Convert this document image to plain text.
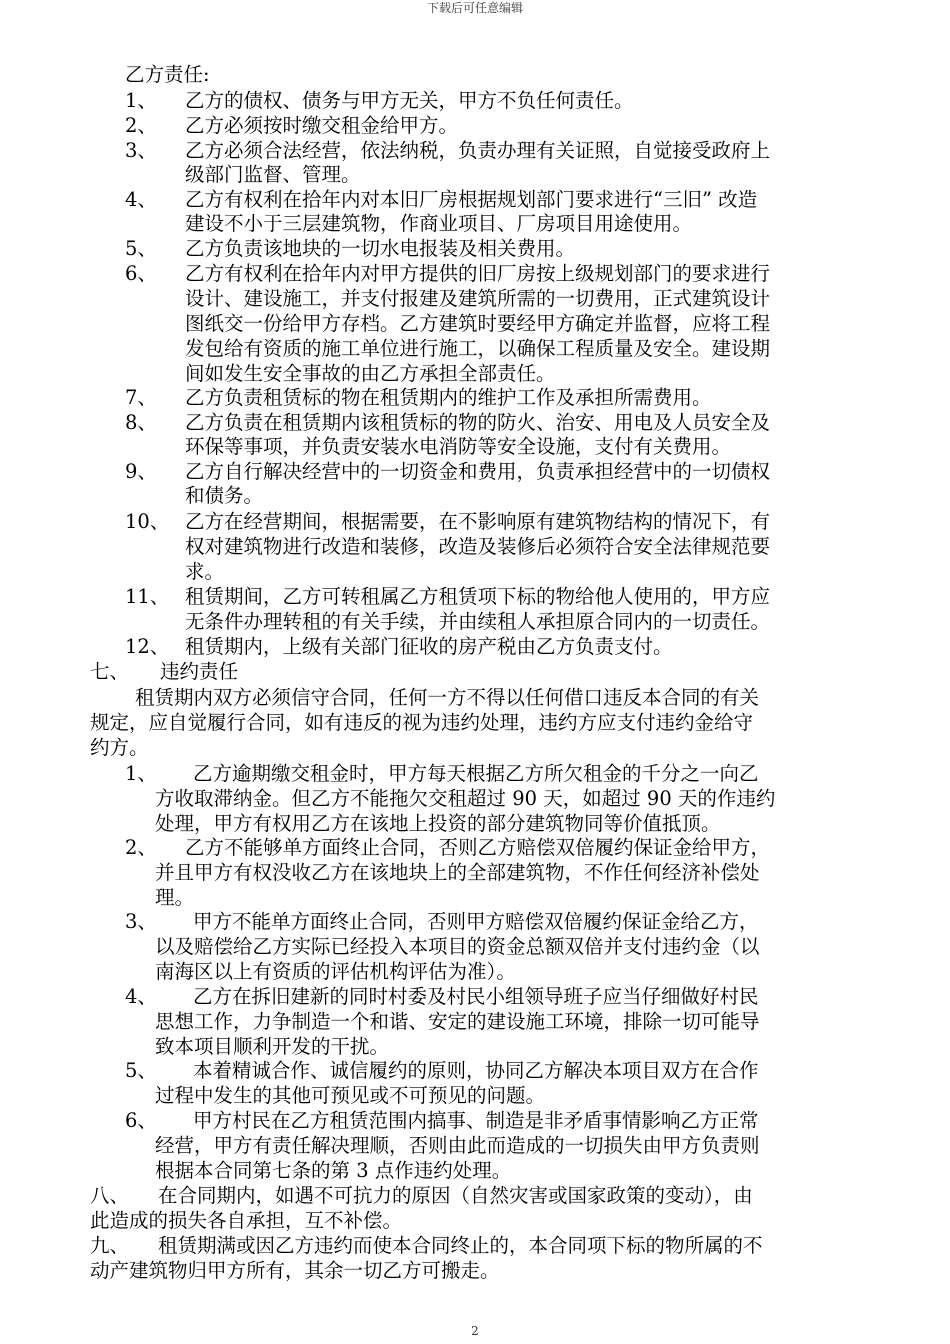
下载后可任意编辑
乙方责任:
1、 乙方的债权、债务与甲方无关，甲方不负任何责任。
2、 乙方必须按时缴交租金给甲方。
3、 乙方必须合法经营，依法纳税，负责办理有关证照，自觉接受政府上
级部门监督、管理。
4、 乙方有权利在拾年内对本旧厂房根据规划部门要求进行“三旧” 改造
建设不小于三层建筑物，作商业项目、厂房项目用途使用。
5、 乙方负责该地块的一切水电报装及相关费用。
6、 乙方有权利在拾年内对甲方提供的旧厂房按上级规划部门的要求进行
设计、建设施工，并支付报建及建筑所需的一切费用，正式建筑设计
图纸交一份给甲方存档。乙方建筑时要经甲方确定并监督，应将工程
发包给有资质的施工单位进行施工，以确保工程质量及安全。建设期
间如发生安全事故的由乙方承担全部责任。
7、 乙方负责租赁标的物在租赁期内的维护工作及承担所需费用。
8、 乙方负责在租赁期内该租赁标的物的防火、治安、用电及人员安全及
环保等事项，并负责安装水电消防等安全设施，支付有关费用。
9、 乙方自行解决经营中的一切资金和费用，负责承担经营中的一切债权
和债务。
10、 乙方在经营期间，根据需要，在不影响原有建筑物结构的情况下，有
权对建筑物进行改造和装修，改造及装修后必须符合安全法律规范要
求。
11、 租赁期间，乙方可转租属乙方租赁项下标的物给他人使用的，甲方应
无条件办理转租的有关手续，并由续租人承担原合同内的一切责任。
12、 租赁期内，上级有关部门征收的房产税由乙方负责支付。
七、 违约责任
租赁期内双方必须信守合同，任何一方不得以任何借口违反本合同的有关
规定，应自觉履行合同，如有违反的视为违约处理，违约方应支付违约金给守
约方。
1、 乙方逾期缴交租金时，甲方每天根据乙方所欠租金的千分之一向乙
方收取滞纳金。但乙方不能拖欠交租超过 90 天，如超过 90 天的作违约
处理，甲方有权用乙方在该地上投资的部分建筑物同等价值抵顶。
2、 乙方不能够单方面终止合同，否则乙方赔偿双倍履约保证金给甲方，
并且甲方有权没收乙方在该地块上的全部建筑物，不作任何经济补偿处
理。
3、 甲方不能单方面终止合同，否则甲方赔偿双倍履约保证金给乙方，
以及赔偿给乙方实际已经投入本项目的资金总额双倍并支付违约金（以
南海区以上有资质的评估机构评估为准）。
4、 乙方在拆旧建新的同时村委及村民小组领导班子应当仔细做好村民
思想工作，力争制造一个和谐、安定的建设施工环境，排除一切可能导
致本项目顺利开发的干扰。
5、 本着精诚合作、诚信履约的原则，协同乙方解决本项目双方在合作
过程中发生的其他可预见或不可预见的问题。
6、 甲方村民在乙方租赁范围内搞事、制造是非矛盾事情影响乙方正常
经营，甲方有责任解决理顺，否则由此而造成的一切损失由甲方负责则
根据本合同第七条的第 3 点作违约处理。
八、 在合同期内，如遇不可抗力的原因（自然灾害或国家政策的变动），由
此造成的损失各自承担，互不补偿。
九、 租赁期满或因乙方违约而使本合同终止的，本合同项下标的物所属的不
动产建筑物归甲方所有，其余一切乙方可搬走。
2
